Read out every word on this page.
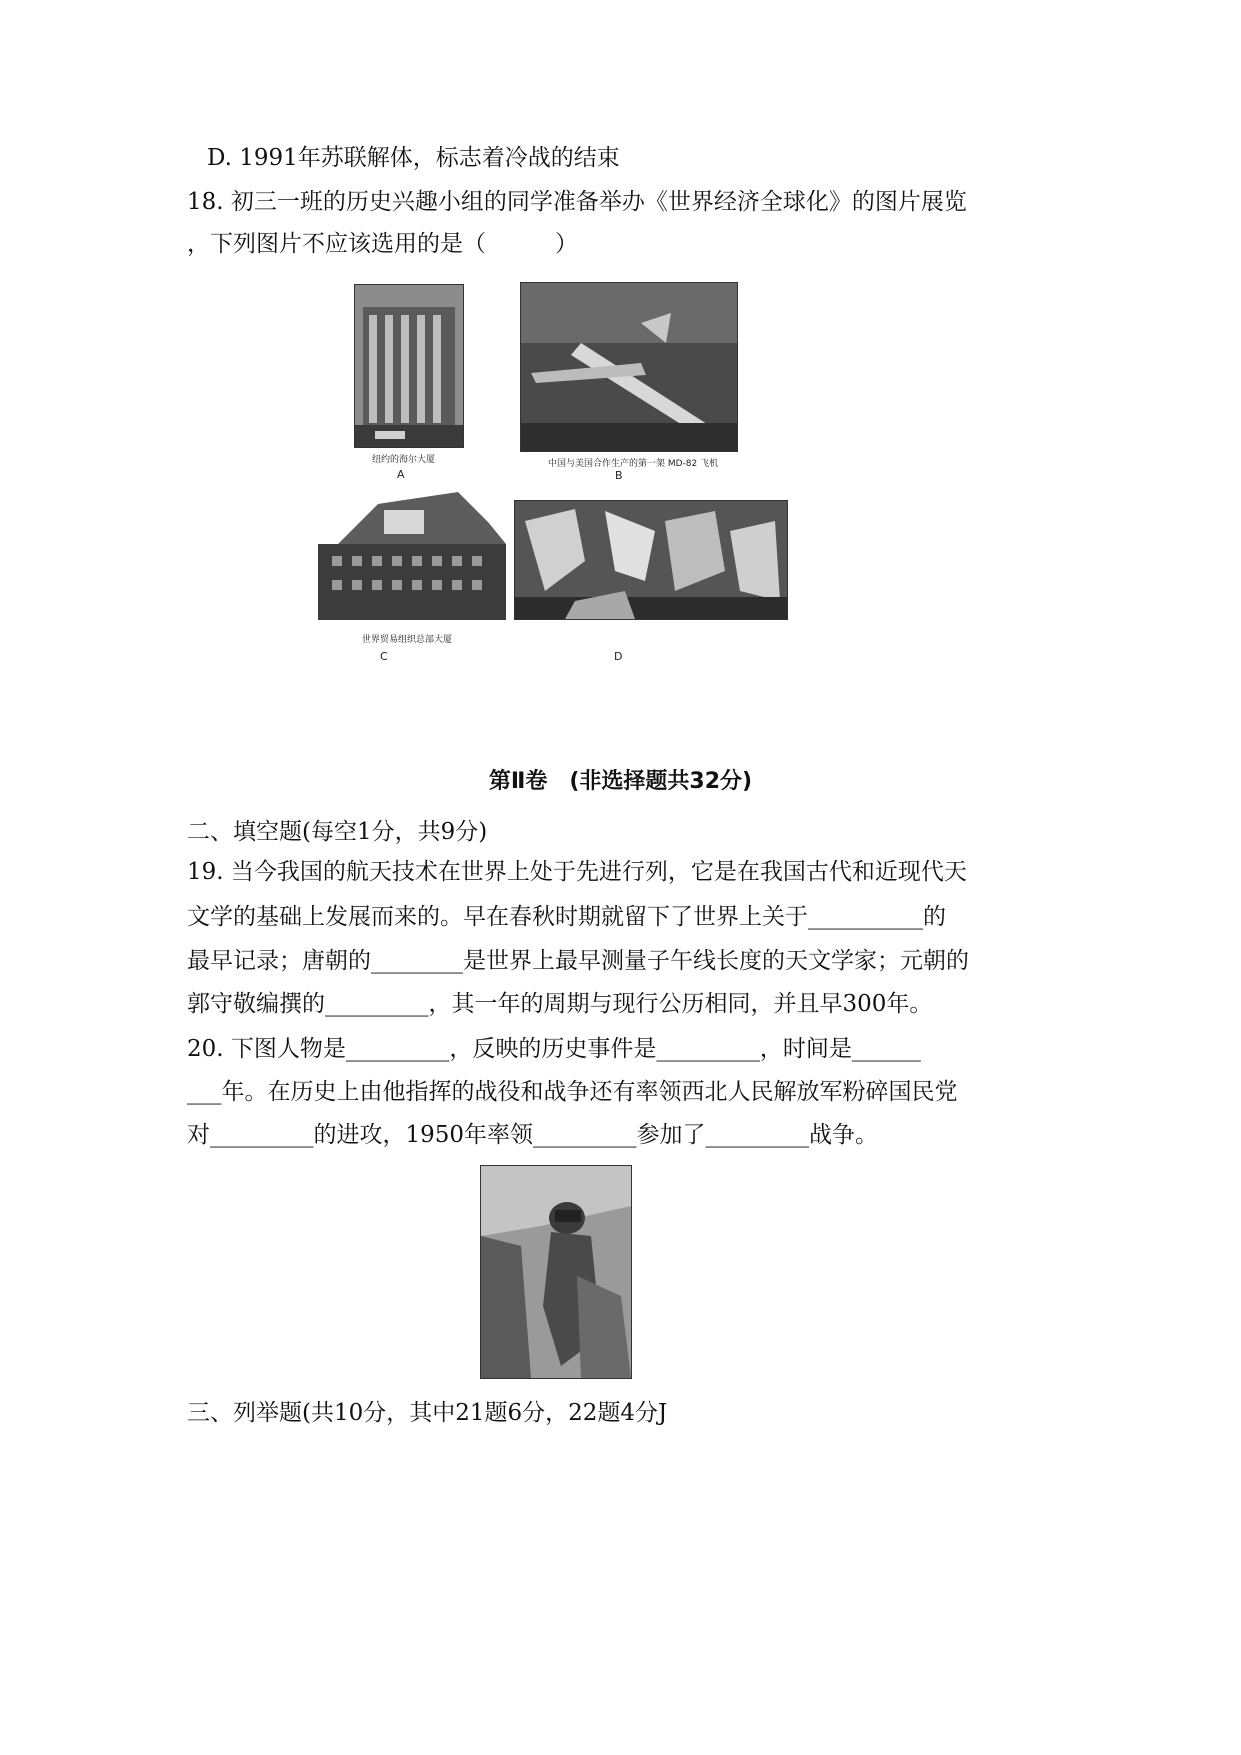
D. 1991年苏联解体，标志着冷战的结束
18. 初三一班的历史兴趣小组的同学准备举办《世界经济全球化》的图片展览
，下列图片不应该选用的是（　　　）
纽约的海尔大厦
A
中国与美国合作生产的第一架 MD-82 飞机
B
世界贸易组织总部大厦
C	D
第Ⅱ卷　(非选择题共32分)
二、填空题(每空1分，共9分)
19. 当今我国的航天技术在世界上处于先进行列，它是在我国古代和近现代天
文学的基础上发展而来的。早在春秋时期就留下了世界上关于__________的
最早记录；唐朝的________是世界上最早测量子午线长度的天文学家；元朝的
郭守敬编撰的_________，其一年的周期与现行公历相同，并且早300年。
20. 下图人物是_________，反映的历史事件是_________，时间是______
___年。在历史上由他指挥的战役和战争还有率领西北人民解放军粉碎国民党
对_________的进攻，1950年率领_________参加了_________战争。
三、列举题(共10分，其中21题6分，22题4分J
